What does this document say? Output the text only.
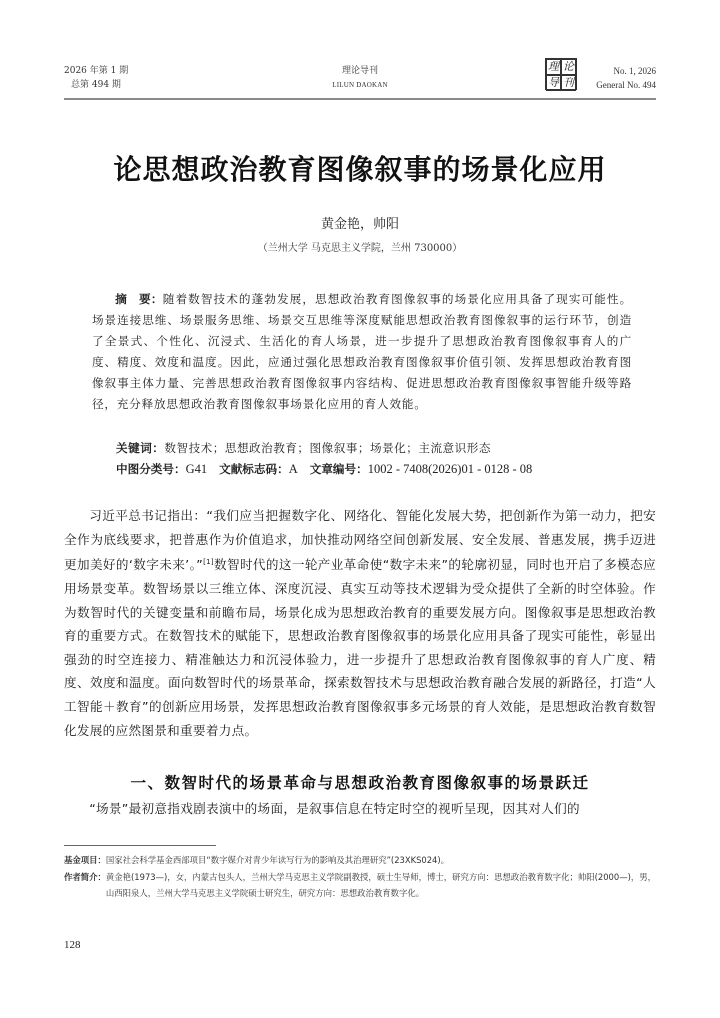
2026 年第 1 期
总第 494 期
理论导刊
LILUN DAOKAN
理 论
导 刊
No. 1, 2026
General No. 494
论思想政治教育图像叙事的场景化应用
黄金艳，帅阳
（兰州大学 马克思主义学院，兰州 730000）
摘　要：随着数智技术的蓬勃发展，思想政治教育图像叙事的场景化应用具备了现实可能性。场景连接思维、场景服务思维、场景交互思维等深度赋能思想政治教育图像叙事的运行环节，创造了全景式、个性化、沉浸式、生活化的育人场景，进一步提升了思想政治教育图像叙事育人的广度、精度、效度和温度。因此，应通过强化思想政治教育图像叙事价值引领、发挥思想政治教育图像叙事主体力量、完善思想政治教育图像叙事内容结构、促进思想政治教育图像叙事智能升级等路径，充分释放思想政治教育图像叙事场景化应用的育人效能。
关键词：数智技术；思想政治教育；图像叙事；场景化；主流意识形态
中图分类号：G41 文献标志码：A 文章编号：1002 - 7408(2026)01 - 0128 - 08
习近平总书记指出：“我们应当把握数字化、网络化、智能化发展大势，把创新作为第一动力，把安全作为底线要求，把普惠作为价值追求，加快推动网络空间创新发展、安全发展、普惠发展，携手迈进更加美好的‘数字未来’。”[1]数智时代的这一轮产业革命使“数字未来”的轮廓初显，同时也开启了多模态应用场景变革。数智场景以三维立体、深度沉浸、真实互动等技术逻辑为受众提供了全新的时空体验。作为数智时代的关键变量和前瞻布局，场景化成为思想政治教育的重要发展方向。图像叙事是思想政治教育的重要方式。在数智技术的赋能下，思想政治教育图像叙事的场景化应用具备了现实可能性，彰显出强劲的时空连接力、精准触达力和沉浸体验力，进一步提升了思想政治教育图像叙事的育人广度、精度、效度和温度。面向数智时代的场景革命，探索数智技术与思想政治教育融合发展的新路径，打造“人工智能＋教育”的创新应用场景，发挥思想政治教育图像叙事多元场景的育人效能，是思想政治教育数智化发展的应然图景和重要着力点。
一、数智时代的场景革命与思想政治教育图像叙事的场景跃迁
“场景”最初意指戏剧表演中的场面，是叙事信息在特定时空的视听呈现，因其对人们的
基金项目：国家社会科学基金西部项目“数字媒介对青少年读写行为的影响及其治理研究”(23XKS024)。
作者简介： 黄金艳(1973—)，女，内蒙古包头人，兰州大学马克思主义学院副教授，硕士生导师，博士，研究方向：思想政治教育数字化；帅阳(2000—)，男，山西阳泉人，兰州大学马克思主义学院硕士研究生，研究方向：思想政治教育数字化。
128
